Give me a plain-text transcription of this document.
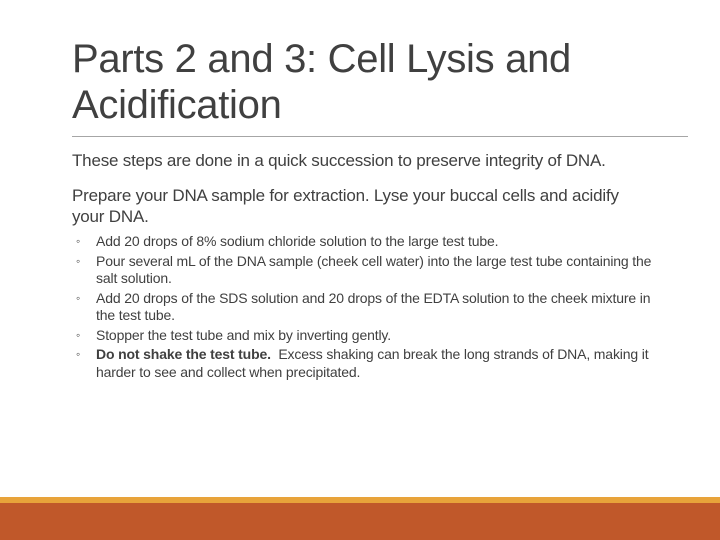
Parts 2 and 3: Cell Lysis and Acidification
These steps are done in a quick succession to preserve integrity of DNA.
Prepare your DNA sample for extraction. Lyse your buccal cells and acidify your DNA.
◦ Add 20 drops of 8% sodium chloride solution to the large test tube.
◦ Pour several mL of the DNA sample (cheek cell water) into the large test tube containing the salt solution.
◦ Add 20 drops of the SDS solution and 20 drops of the EDTA solution to the cheek mixture in the test tube.
◦ Stopper the test tube and mix by inverting gently.
◦ Do not shake the test tube.  Excess shaking can break the long strands of DNA, making it harder to see and collect when precipitated.
